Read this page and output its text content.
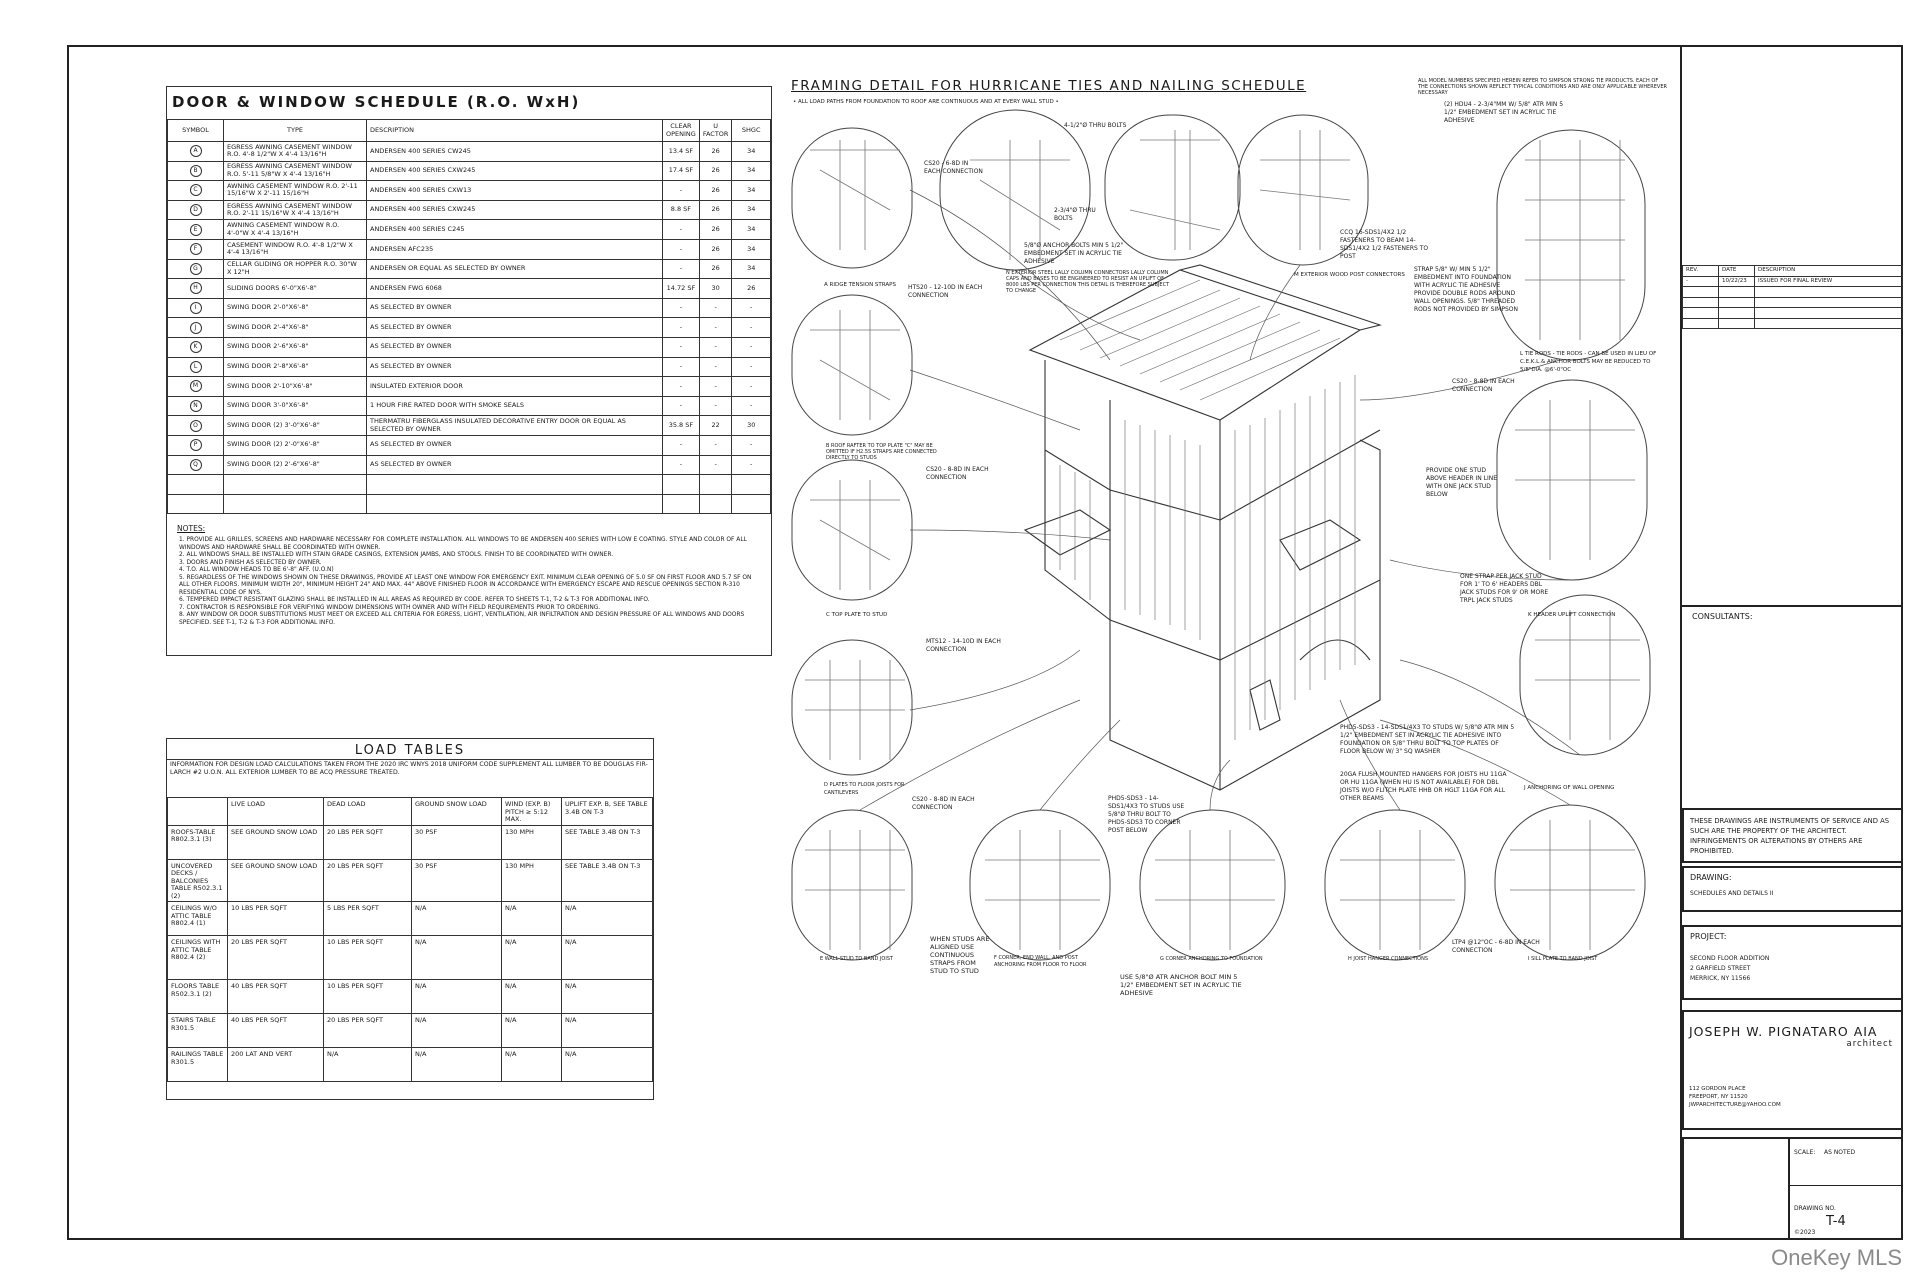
DOOR & WINDOW SCHEDULE (R.O. WxH)
SYMBOL	TYPE	DESCRIPTION	CLEAR OPENING	U FACTOR	SHGC
A	EGRESS AWNING CASEMENT WINDOW R.O. 4'-8 1/2"W X 4'-4 13/16"H	ANDERSEN 400 SERIES CW245	13.4 SF	26	34
B	EGRESS AWNING CASEMENT WINDOW R.O. 5'-11 5/8"W X 4'-4 13/16"H	ANDERSEN 400 SERIES CXW245	17.4 SF	26	34
C	AWNING CASEMENT WINDOW R.O. 2'-11 15/16"W X 2'-11 15/16"H	ANDERSEN 400 SERIES CXW13	-	26	34
D	EGRESS AWNING CASEMENT WINDOW R.O. 2'-11 15/16"W X 4'-4 13/16"H	ANDERSEN 400 SERIES CXW245	8.8 SF	26	34
E	AWNING CASEMENT WINDOW R.O. 4'-0"W X 4'-4 13/16"H	ANDERSEN 400 SERIES C245	-	26	34
F	CASEMENT WINDOW R.O. 4'-8 1/2"W X 4'-4 13/16"H	ANDERSEN AFC235	-	26	34
G	CELLAR GLIDING OR HOPPER R.O. 30"W X 12"H	ANDERSEN OR EQUAL AS SELECTED BY OWNER	-	26	34
H	SLIDING DOORS 6'-0"X6'-8"	ANDERSEN FWG 6068	14.72 SF	30	26
I	SWING DOOR 2'-0"X6'-8"	AS SELECTED BY OWNER	-	-	-
J	SWING DOOR 2'-4"X6'-8"	AS SELECTED BY OWNER	-	-	-
K	SWING DOOR 2'-6"X6'-8"	AS SELECTED BY OWNER	-	-	-
L	SWING DOOR 2'-8"X6'-8"	AS SELECTED BY OWNER	-	-	-
M	SWING DOOR 2'-10"X6'-8"	INSULATED EXTERIOR DOOR	-	-	-
N	SWING DOOR 3'-0"X6'-8"	1 HOUR FIRE RATED DOOR WITH SMOKE SEALS	-	-	-
O	SWING DOOR (2) 3'-0"X6'-8"	THERMATRU FIBERGLASS INSULATED DECORATIVE ENTRY DOOR OR EQUAL AS SELECTED BY OWNER	35.8 SF	22	30
P	SWING DOOR (2) 2'-0"X6'-8"	AS SELECTED BY OWNER	-	-	-
Q	SWING DOOR (2) 2'-6"X6'-8"	AS SELECTED BY OWNER	-	-	-

NOTES:
1. PROVIDE ALL GRILLES, SCREENS AND HARDWARE NECESSARY FOR COMPLETE INSTALLATION. ALL WINDOWS TO BE ANDERSEN 400 SERIES WITH LOW E COATING. STYLE AND COLOR OF ALL WINDOWS AND HARDWARE SHALL BE COORDINATED WITH OWNER.
2. ALL WINDOWS SHALL BE INSTALLED WITH STAIN GRADE CASINGS, EXTENSION JAMBS, AND STOOLS. FINISH TO BE COORDINATED WITH OWNER.
3. DOORS AND FINISH AS SELECTED BY OWNER.
4. T.O. ALL WINDOW HEADS TO BE 6'-8" AFF. (U.O.N)
5. REGARDLESS OF THE WINDOWS SHOWN ON THESE DRAWINGS, PROVIDE AT LEAST ONE WINDOW FOR EMERGENCY EXIT. MINIMUM CLEAR OPENING OF 5.0 SF ON FIRST FLOOR AND 5.7 SF ON ALL OTHER FLOORS. MINIMUM WIDTH 20", MINIMUM HEIGHT 24" AND MAX. 44" ABOVE FINISHED FLOOR IN ACCORDANCE WITH EMERGENCY ESCAPE AND RESCUE OPENINGS SECTION R-310 RESIDENTIAL CODE OF NYS.
6. TEMPERED IMPACT RESISTANT GLAZING SHALL BE INSTALLED IN ALL AREAS AS REQUIRED BY CODE. REFER TO SHEETS T-1, T-2 & T-3 FOR ADDITIONAL INFO.
7. CONTRACTOR IS RESPONSIBLE FOR VERIFYING WINDOW DIMENSIONS WITH OWNER AND WITH FIELD REQUIREMENTS PRIOR TO ORDERING.
8. ANY WINDOW OR DOOR SUBSTITUTIONS MUST MEET OR EXCEED ALL CRITERIA FOR EGRESS, LIGHT, VENTILATION, AIR INFILTRATION AND DESIGN PRESSURE OF ALL WINDOWS AND DOORS SPECIFIED. SEE T-1, T-2 & T-3 FOR ADDITIONAL INFO.
LOAD TABLES
INFORMATION FOR DESIGN LOAD CALCULATIONS TAKEN FROM THE 2020 IRC WNYS 2018 UNIFORM CODE SUPPLEMENT ALL LUMBER TO BE DOUGLAS FIR-LARCH #2 U.O.N. ALL EXTERIOR LUMBER TO BE ACQ PRESSURE TREATED.
	LIVE LOAD	DEAD LOAD	GROUND SNOW LOAD	WIND (EXP. B) PITCH ≥ 5:12 MAX.	UPLIFT EXP. B, SEE TABLE 3.4B ON T-3
ROOFS-TABLE R802.3.1 (3)	SEE GROUND SNOW LOAD	20 LBS PER SQFT	30 PSF	130 MPH	SEE TABLE 3.4B ON T-3
UNCOVERED DECKS / BALCONIES TABLE R502.3.1 (2)	SEE GROUND SNOW LOAD	20 LBS PER SQFT	30 PSF	130 MPH	SEE TABLE 3.4B ON T-3
CEILINGS W/O ATTIC TABLE R802.4 (1)	10 LBS PER SQFT	5 LBS PER SQFT	N/A	N/A	N/A
CEILINGS WITH ATTIC TABLE R802.4 (2)	20 LBS PER SQFT	10 LBS PER SQFT	N/A	N/A	N/A
FLOORS TABLE R502.3.1 (2)	40 LBS PER SQFT	10 LBS PER SQFT	N/A	N/A	N/A
STAIRS TABLE R301.5	40 LBS PER SQFT	20 LBS PER SQFT	N/A	N/A	N/A
RAILINGS TABLE R301.5	200 LAT AND VERT	N/A	N/A	N/A	N/A
FRAMING DETAIL FOR HURRICANE TIES AND NAILING SCHEDULE
• ALL LOAD PATHS FROM FOUNDATION TO ROOF ARE CONTINUOUS AND AT EVERY WALL STUD •
ALL MODEL NUMBERS SPECIFIED HEREIN REFER TO SIMPSON STRONG TIE PRODUCTS. EACH OF THE CONNECTIONS SHOWN REFLECT TYPICAL CONDITIONS AND ARE ONLY APPLICABLE WHEREVER NECESSARY
A RIDGE TENSION STRAPS
CS20 - 6-8D IN EACH CONNECTION
4-1/2"Ø THRU BOLTS
2-3/4"Ø THRU BOLTS
5/8"Ø ANCHOR BOLTS MIN 5 1/2" EMBEDMENT SET IN ACRYLIC TIE ADHESIVE
N EXTERIOR STEEL LALLY COLUMN CONNECTORS LALLY COLUMN CAPS AND BASES TO BE ENGINEERED TO RESIST AN UPLIFT OF 8000 LBS PER CONNECTION THIS DETAIL IS THEREFORE SUBJECT TO CHANGE
(2) HDU4 - 2-3/4"MM W/ 5/8" ATR MIN 5 1/2" EMBEDMENT SET IN ACRYLIC TIE ADHESIVE
CCQ 16-SDS1/4X2 1/2 FASTENERS TO BEAM 14-SDS1/4X2 1/2 FASTENERS TO POST
M EXTERIOR WOOD POST CONNECTORS
STRAP 5/8" W/ MIN 5 1/2" EMBEDMENT INTO FOUNDATION WITH ACRYLIC TIE ADHESIVE PROVIDE DOUBLE RODS AROUND WALL OPENINGS. 5/8" THREADED RODS NOT PROVIDED BY SIMPSON
L TIE RODS - TIE RODS - CAN BE USED IN LIEU OF C.E.K.L.& ANCHOR BOLTS MAY BE REDUCED TO 5/8"DIA. @6'-0"OC
HTS20 - 12-10D IN EACH CONNECTION
B ROOF RAFTER TO TOP PLATE "C" MAY BE OMITTED IF H2.5S STRAPS ARE CONNECTED DIRECTLY TO STUDS
CS20 - 8-8D IN EACH CONNECTION
CS20 - 8-8D IN EACH CONNECTION
PROVIDE ONE STUD ABOVE HEADER IN LINE WITH ONE JACK STUD BELOW
ONE STRAP PER JACK STUD FOR 1' TO 6' HEADERS DBL JACK STUDS FOR 9' OR MORE TRPL JACK STUDS
K HEADER UPLIFT CONNECTION
C TOP PLATE TO STUD
MTS12 - 14-10D IN EACH CONNECTION
D PLATES TO FLOOR JOISTS FOR CANTILEVERS
CS20 - 8-8D IN EACH CONNECTION
PHD5-SDS3 - 14-SDS1/4X3 TO STUDS USE 5/8"Ø THRU BOLT TO PHD5-SDS3 TO CORNER POST BELOW
PHD5-SDS3 - 14-SDS1/4X3 TO STUDS W/ 5/8"Ø ATR MIN 5 1/2" EMBEDMENT SET IN ACRYLIC TIE ADHESIVE INTO FOUNDATION OR 5/8" THRU BOLT TO TOP PLATES OF FLOOR BELOW W/ 3" SQ WASHER
20GA FLUSH MOUNTED HANGERS FOR JOISTS HU 11GA OR HU 11GA (WHEN HU IS NOT AVAILABLE) FOR DBL JOISTS W/O FLITCH PLATE HHB OR HGLT 11GA FOR ALL OTHER BEAMS
J ANCHORING OF WALL OPENING
WHEN STUDS ARE ALIGNED USE CONTINUOUS STRAPS FROM STUD TO STUD
USE 5/8"Ø ATR ANCHOR BOLT MIN 5 1/2" EMBEDMENT SET IN ACRYLIC TIE ADHESIVE
LTP4 @12"OC - 6-8D IN EACH CONNECTION
E WALL STUD TO BAND JOIST	F CORNER, END WALL, AND POST ANCHORING FROM FLOOR TO FLOOR
G CORNER ANCHORING TO FOUNDATION	H JOIST HANGER CONNECTIONS	I SILL PLATE TO BAND JOIST
REV.	DATE	DESCRIPTION
-	10/22/23	ISSUED FOR FINAL REVIEW

CONSULTANTS:
THESE DRAWINGS ARE INSTRUMENTS OF SERVICE AND AS SUCH ARE THE PROPERTY OF THE ARCHITECT. INFRINGEMENTS OR ALTERATIONS BY OTHERS ARE PROHIBITED.
DRAWING:
SCHEDULES AND DETAILS II
PROJECT:
SECOND FLOOR ADDITION
2 GARFIELD STREET
MERRICK, NY 11566
JOSEPH W. PIGNATARO AIA
architect
112 GORDON PLACE
FREEPORT, NY 11520
JWPARCHITECTURE@YAHOO.COM
SCALE: AS NOTED
DRAWING NO.
T-4
©2023
OneKey MLS
